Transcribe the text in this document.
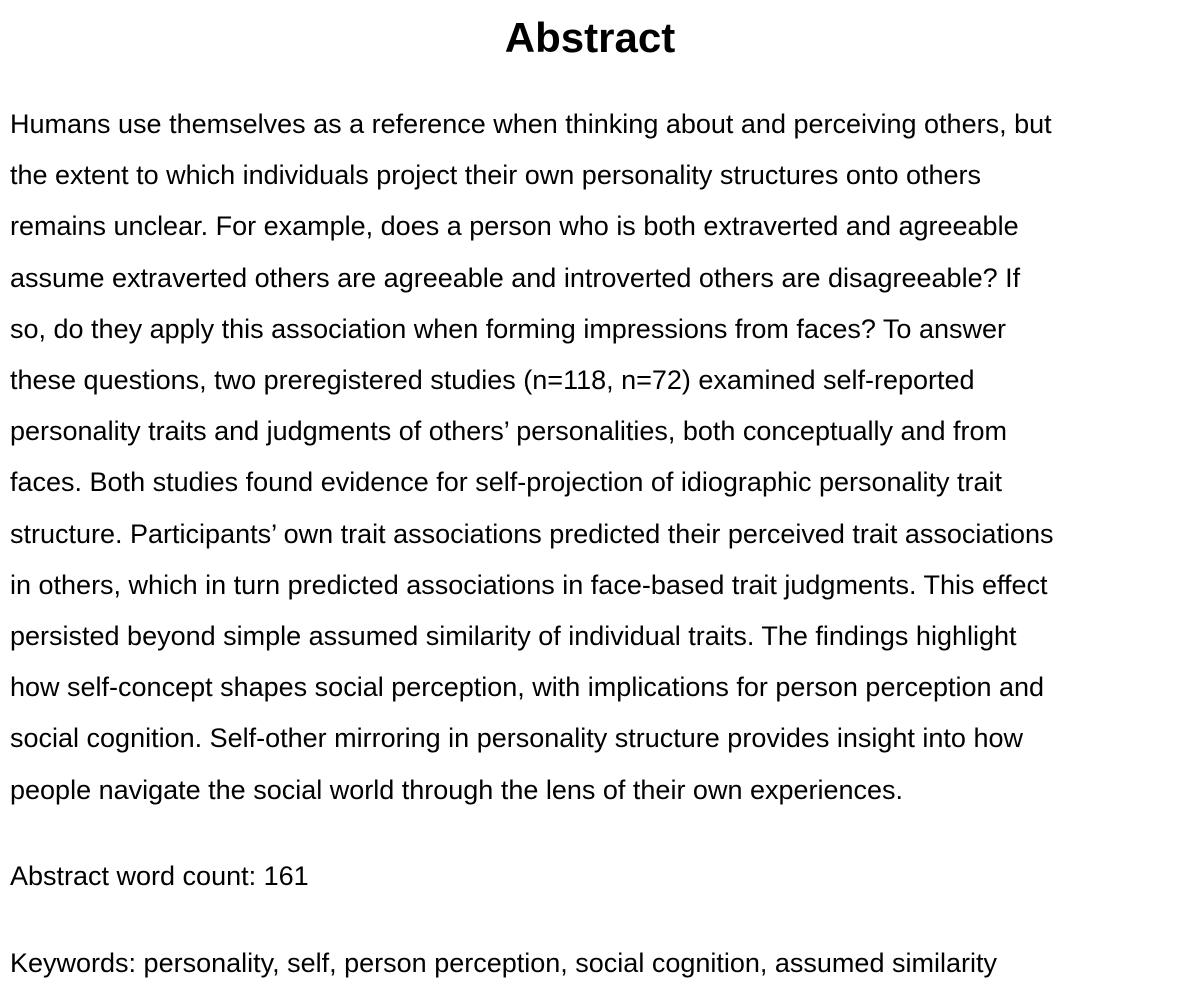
Abstract

Humans use themselves as a reference when thinking about and perceiving others, but
the extent to which individuals project their own personality structures onto others
remains unclear. For example, does a person who is both extraverted and agreeable
assume extraverted others are agreeable and introverted others are disagreeable? If
so, do they apply this association when forming impressions from faces? To answer
these questions, two preregistered studies (n=118, n=72) examined self-reported
personality traits and judgments of others’ personalities, both conceptually and from
faces. Both studies found evidence for self-projection of idiographic personality trait
structure. Participants’ own trait associations predicted their perceived trait associations
in others, which in turn predicted associations in face-based trait judgments. This effect
persisted beyond simple assumed similarity of individual traits. The findings highlight
how self-concept shapes social perception, with implications for person perception and
social cognition. Self-other mirroring in personality structure provides insight into how
people navigate the social world through the lens of their own experiences.

Abstract word count: 161

Keywords: personality, self, person perception, social cognition, assumed similarity
